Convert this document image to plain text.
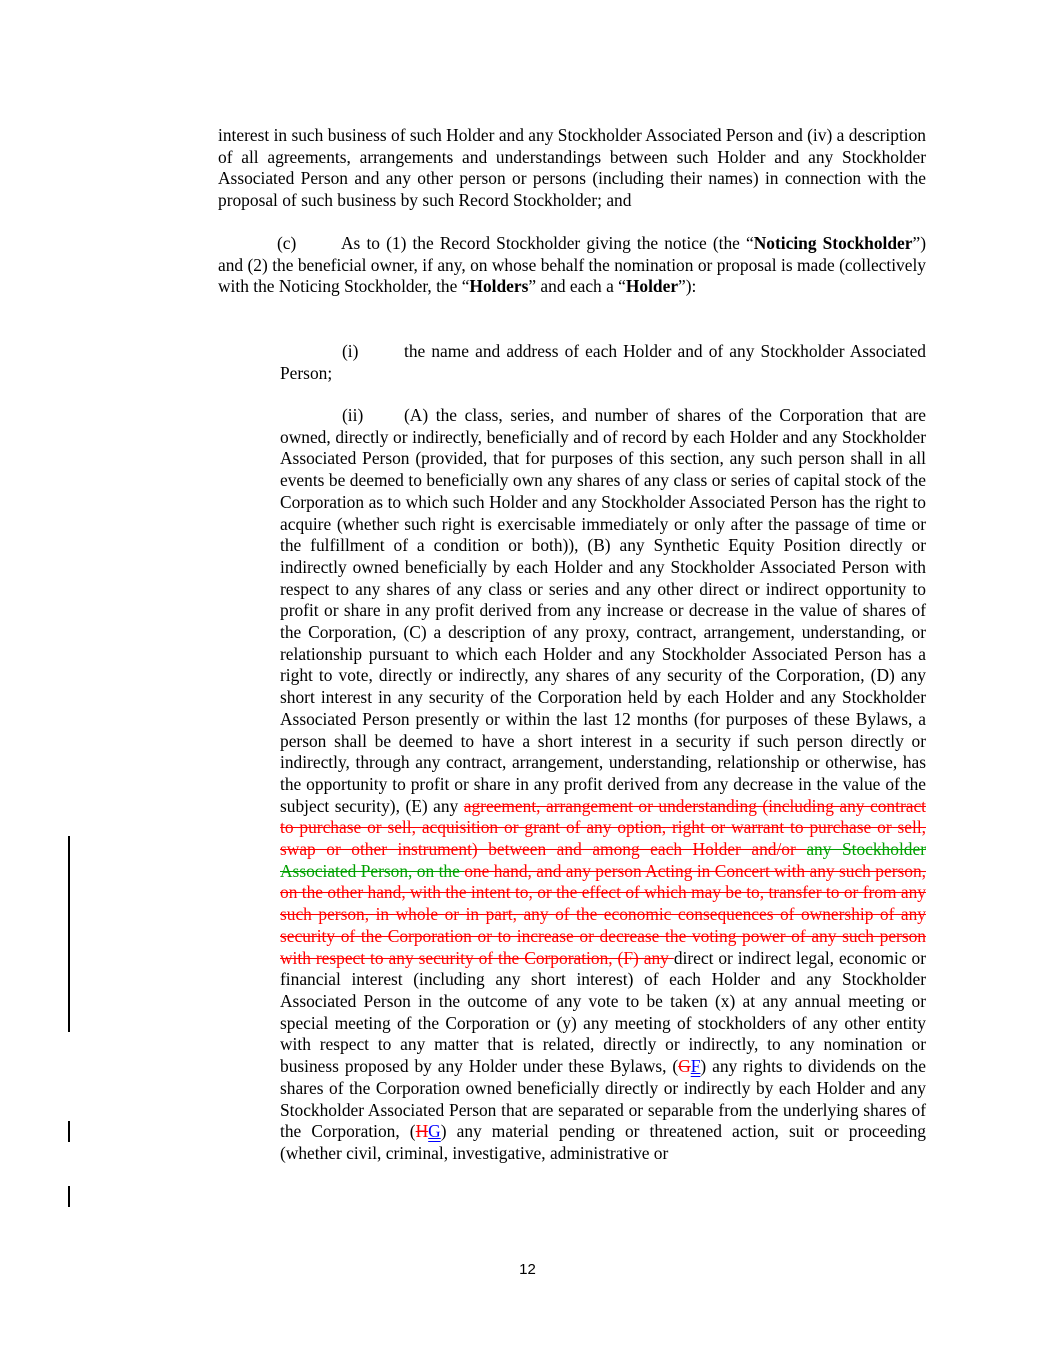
interest in such business of such Holder and any Stockholder Associated Person and (iv) a description of all agreements, arrangements and understandings between such Holder and any Stockholder Associated Person and any other person or persons (including their names) in connection with the proposal of such business by such Record Stockholder; and

(c)	As to (1) the Record Stockholder giving the notice (the “Noticing Stockholder”) and (2) the beneficial owner, if any, on whose behalf the nomination or proposal is made (collectively with the Noticing Stockholder, the “Holders” and each a “Holder”):

(i)	the name and address of each Holder and of any Stockholder Associated Person;

(ii) (A) the class, series, and number of shares of the Corporation that are owned, directly or indirectly, beneficially and of record by each Holder and any Stockholder Associated Person (provided, that for purposes of this section, any such person shall in all events be deemed to beneficially own any shares of any class or series of capital stock of the Corporation as to which such Holder and any Stockholder Associated Person has the right to acquire (whether such right is exercisable immediately or only after the passage of time or the fulfillment of a condition or both)), (B) any Synthetic Equity Position directly or indirectly owned beneficially by each Holder and any Stockholder Associated Person with respect to any shares of any class or series and any other direct or indirect opportunity to profit or share in any profit derived from any increase or decrease in the value of shares of the Corporation, (C) a description of any proxy, contract, arrangement, understanding, or relationship pursuant to which each Holder and any Stockholder Associated Person has a right to vote, directly or indirectly, any shares of any security of the Corporation, (D) any short interest in any security of the Corporation held by each Holder and any Stockholder Associated Person presently or within the last 12 months (for purposes of these Bylaws, a person shall be deemed to have a short interest in a security if such person directly or indirectly, through any contract, arrangement, understanding, relationship or otherwise, has the opportunity to profit or share in any profit derived from any decrease in the value of the subject security), (E) any agreement, arrangement or understanding (including any contract to purchase or sell, acquisition or grant of any option, right or warrant to purchase or sell, swap or other instrument) between and among each Holder and/or any Stockholder Associated Person, on the one hand, and any person Acting in Concert with any such person, on the other hand, with the intent to, or the effect of which may be to, transfer to or from any such person, in whole or in part, any of the economic consequences of ownership of any security of the Corporation or to increase or decrease the voting power of any such person with respect to any security of the Corporation, (F) any direct or indirect legal, economic or financial interest (including any short interest) of each Holder and any Stockholder Associated Person in the outcome of any vote to be taken (x) at any annual meeting or special meeting of the Corporation or (y) any meeting of stockholders of any other entity with respect to any matter that is related, directly or indirectly, to any nomination or business proposed by any Holder under these Bylaws, (GF) any rights to dividends on the shares of the Corporation owned beneficially directly or indirectly by each Holder and any Stockholder Associated Person that are separated or separable from the underlying shares of the Corporation, (HG) any material pending or threatened action, suit or proceeding (whether civil, criminal, investigative, administrative or

12
